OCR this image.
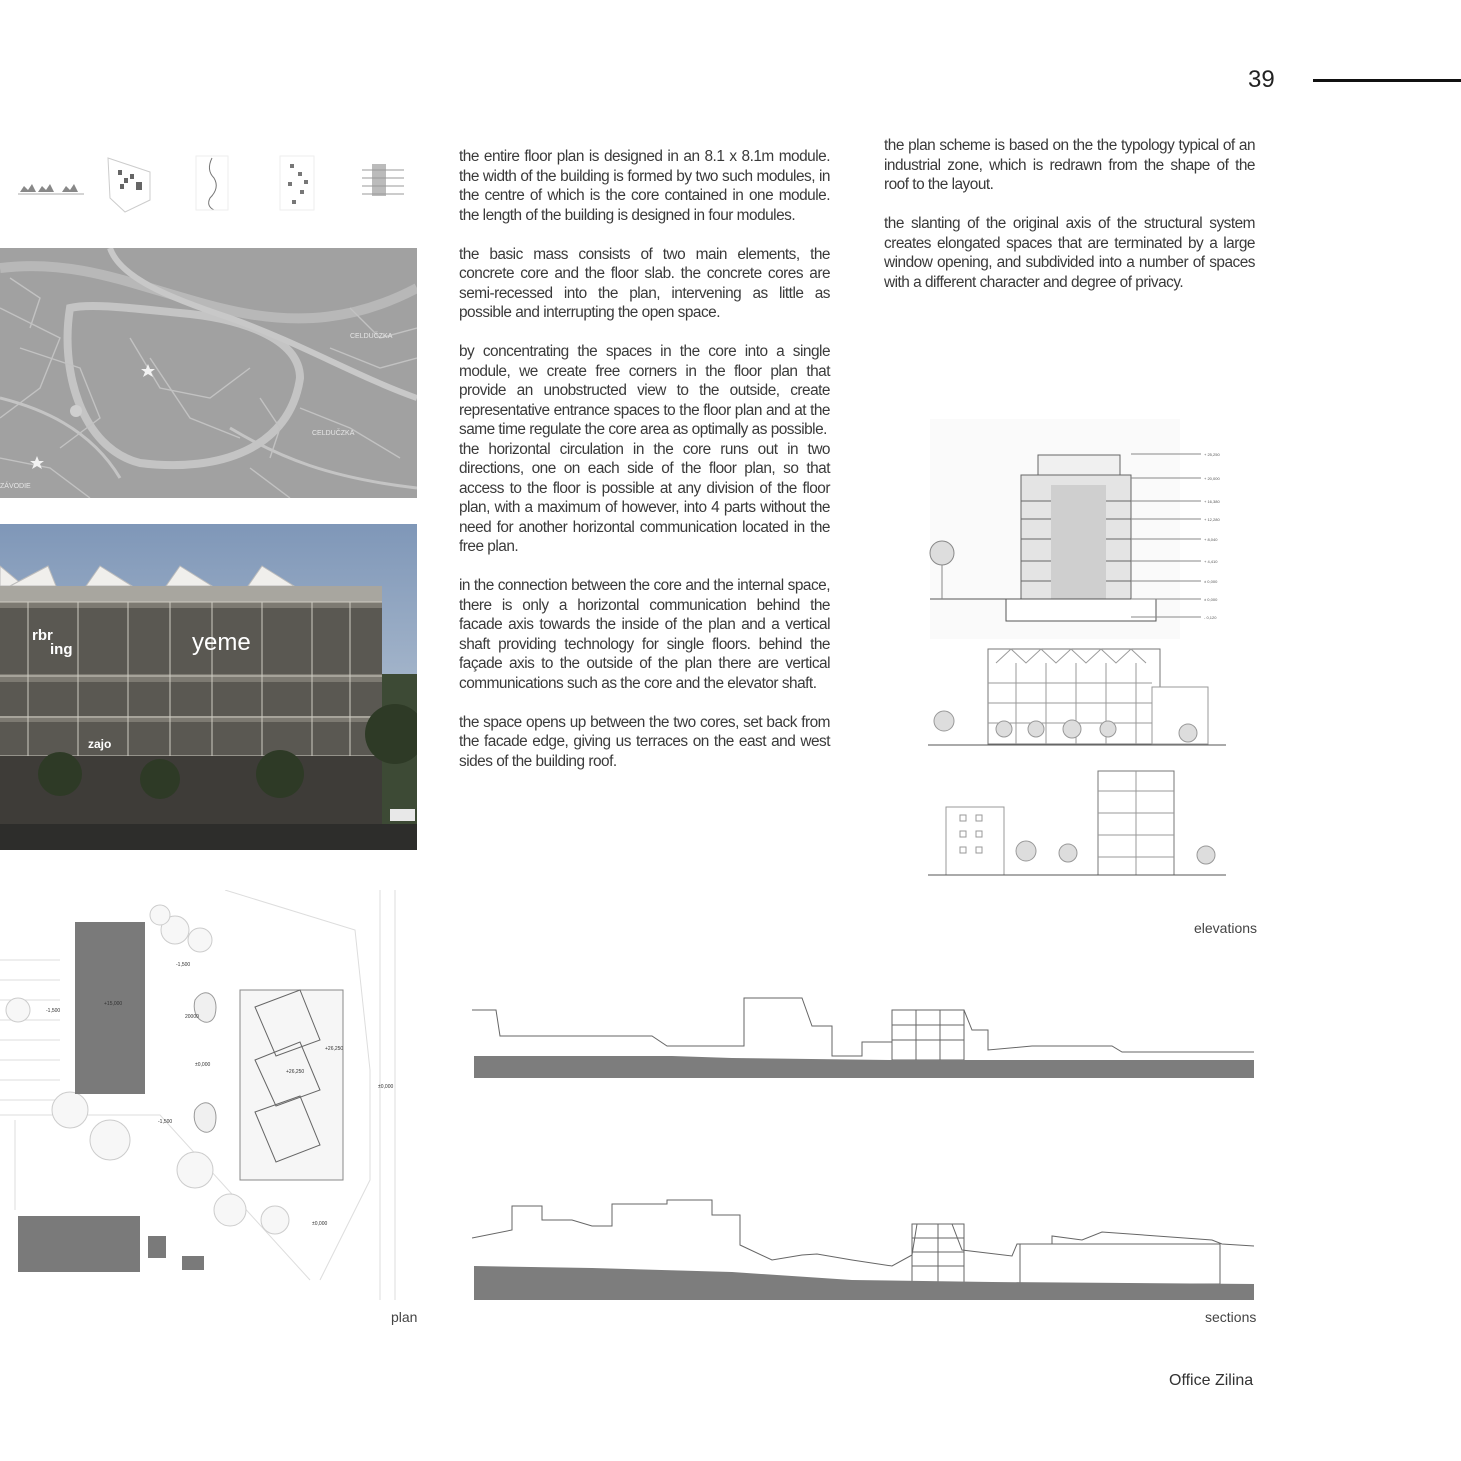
39
CELDUČZKA
CELDUČZKA
ZÁVODIE
rbr
ing	yeme
zajo
-1,500
+15,000
-1,500
-1,500
+26,250
+26,250
±0,000
±0,000
±0,000
20000
plan

the entire floor plan is designed in an 8.1 x 8.1m module. the width of the building is formed by two such modules, in the centre of which is the core contained in one module. the length of the building is designed in four modules.

the basic mass consists of two main elements, the concrete core and the floor slab. the concrete cores are semi-recessed into the plan, intervening as little as possible and interrupting the open space.

by concentrating the spaces in the core into a single module, we create free corners in the floor plan that provide an unobstructed view to the outside, create representative entrance spaces to the floor plan and at the same time regulate the core area as optimally as possible.

the horizontal circulation in the core runs out in two directions, one on each side of the floor plan, so that access to the floor is possible at any division of the floor plan, with a maximum of however, into 4 parts without the need for another horizontal communication located in the free plan.

in the connection between the core and the internal space, there is only a horizontal communication behind the facade axis towards the inside of the plan and a vertical shaft providing technology for single floors. behind the façade axis to the outside of the plan there are vertical communications such as the core and the elevator shaft.

the space opens up between the two cores, set back from the facade edge, giving us terraces on the east and west sides of the building roof.

the plan scheme is based on the the typology typical of an industrial zone, which is redrawn from the shape of the roof to the layout.

the slanting of the original axis of the structural system creates elongated spaces that are terminated by a large window opening, and subdivided into a number of spaces with a different character and degree of privacy.

+ 25,250
+ 20,000
+ 16,380
+ 12,280
+ 8,040
+ 4,410
± 0,000
± 0,000
- 0,120
elevations
sections
Office Zilina
